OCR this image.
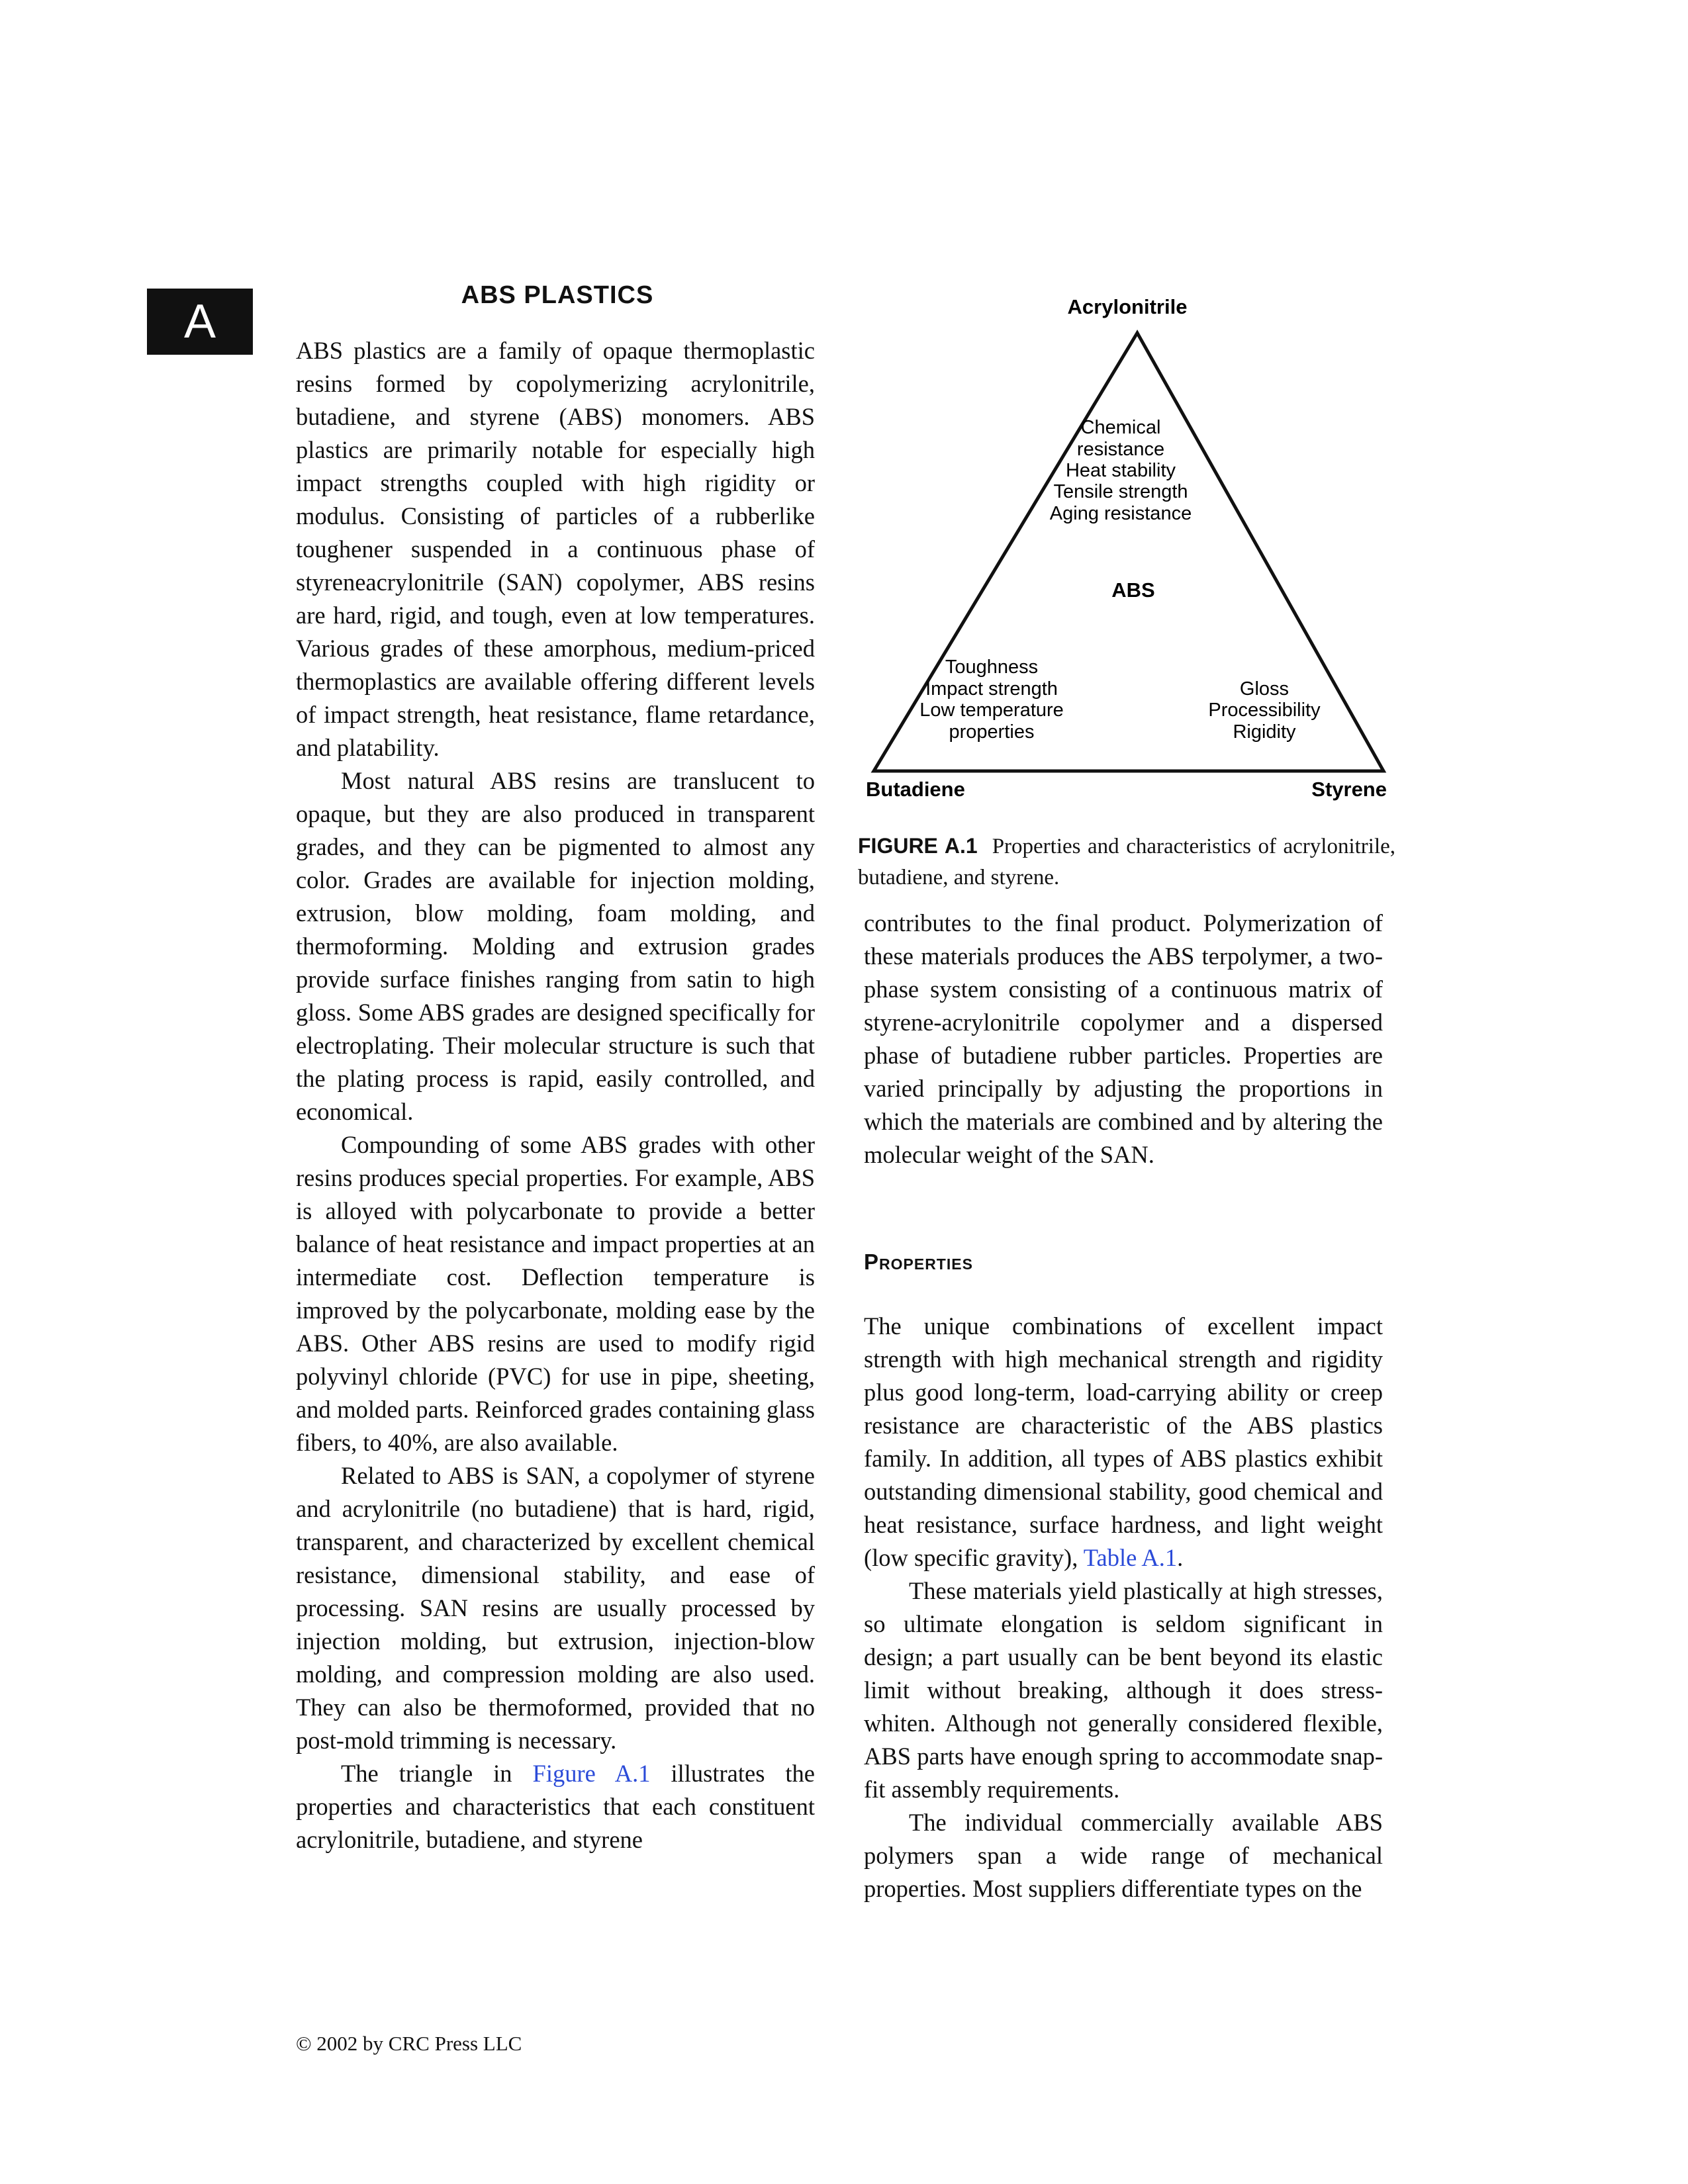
A	ABS PLASTICS

ABS plastics are a family of opaque thermoplastic resins formed by copolymerizing acrylonitrile, butadiene, and styrene (ABS) monomers. ABS plastics are primarily notable for especially high impact strengths coupled with high rigidity or modulus. Consisting of particles of a rubberlike toughener suspended in a continuous phase of styreneacrylonitrile (SAN) copolymer, ABS resins are hard, rigid, and tough, even at low temperatures. Various grades of these amorphous, medium-priced thermoplastics are available offering different levels of impact strength, heat resistance, flame retardance, and platability.

Most natural ABS resins are translucent to opaque, but they are also produced in transparent grades, and they can be pigmented to almost any color. Grades are available for injection molding, extrusion, blow molding, foam molding, and thermoforming. Molding and extrusion grades provide surface finishes ranging from satin to high gloss. Some ABS grades are designed specifically for electroplating. Their molecular structure is such that the plating process is rapid, easily controlled, and economical.

Compounding of some ABS grades with other resins produces special properties. For example, ABS is alloyed with polycarbonate to provide a better balance of heat resistance and impact properties at an intermediate cost. Deflection temperature is improved by the polycarbonate, molding ease by the ABS. Other ABS resins are used to modify rigid polyvinyl chloride (PVC) for use in pipe, sheeting, and molded parts. Reinforced grades containing glass fibers, to 40%, are also available.

Related to ABS is SAN, a copolymer of styrene and acrylonitrile (no butadiene) that is hard, rigid, transparent, and characterized by excellent chemical resistance, dimensional stability, and ease of processing. SAN resins are usually processed by injection molding, but extrusion, injection-blow molding, and compression molding are also used. They can also be thermoformed, provided that no post-mold trimming is necessary.

The triangle in Figure A.1 illustrates the properties and characteristics that each constituent acrylonitrile, butadiene, and styrene

Acrylonitrile
Butadiene	Styrene
ABS
Chemical
resistance
Heat stability
Tensile strength
Aging resistance
Toughness
Impact strength
Low temperature
properties
Gloss
Processibility
Rigidity
FIGURE A.1 Properties and characteristics of acrylonitrile, butadiene, and styrene.

contributes to the final product. Polymerization of these materials produces the ABS terpolymer, a two-phase system consisting of a continuous matrix of styrene-acrylonitrile copolymer and a dispersed phase of butadiene rubber particles. Properties are varied principally by adjusting the proportions in which the materials are combined and by altering the molecular weight of the SAN.

Properties

The unique combinations of excellent impact strength with high mechanical strength and rigidity plus good long-term, load-carrying ability or creep resistance are characteristic of the ABS plastics family. In addition, all types of ABS plastics exhibit outstanding dimensional stability, good chemical and heat resistance, surface hardness, and light weight (low specific gravity), Table A.1.

These materials yield plastically at high stresses, so ultimate elongation is seldom significant in design; a part usually can be bent beyond its elastic limit without breaking, although it does stress-whiten. Although not generally considered flexible, ABS parts have enough spring to accommodate snap-fit assembly requirements.

The individual commercially available ABS polymers span a wide range of mechanical properties. Most suppliers differentiate types on the

© 2002 by CRC Press LLC
